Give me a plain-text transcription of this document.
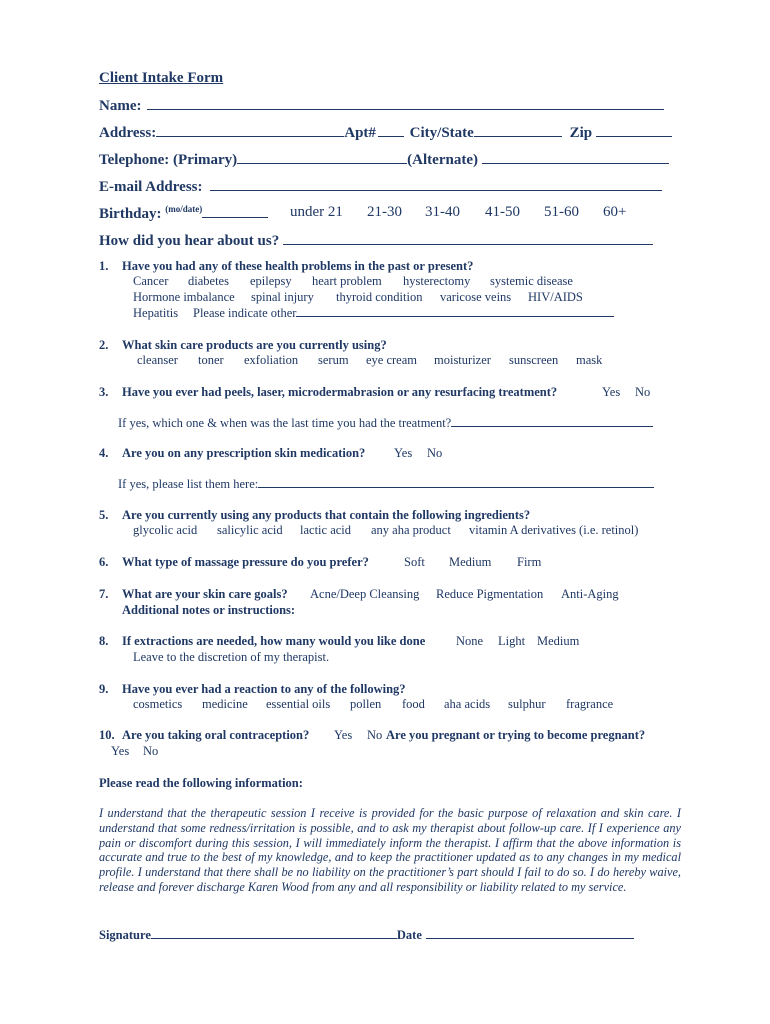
Client Intake Form
Name:
Address:	Apt# City/State	Zip
Telephone: (Primary)	(Alternate)
E-mail Address:
Birthday: $^{(mo/date)}$	under 21 21-30 31-40 41-50 51-60 60+
How did you hear about us?
1. Have you had any of these health problems in the past or present?
Cancer diabetes epilepsy heart problem hysterectomy systemic disease
Hormone imbalance spinal injury thyroid condition varicose veins HIV/AIDS
Hepatitis Please indicate other
2. What skin care products are you currently using?
cleanser toner exfoliation serum eye cream moisturizer sunscreen mask
3. Have you ever had peels, laser, microdermabrasion or any resurfacing treatment?	Yes No
If yes, which one & when was the last time you had the treatment?
4. Are you on any prescription skin medication? Yes No
If yes, please list them here:
5. Are you currently using any products that contain the following ingredients?
glycolic acid salicylic acid lactic acid any aha product vitamin A derivatives (i.e. retinol)
6. What type of massage pressure do you prefer?	Soft Medium Firm
7. What are your skin care goals? Acne/Deep Cleansing Reduce Pigmentation Anti-Aging
Additional notes or instructions:
8. If extractions are needed, how many would you like done None Light Medium
Leave to the discretion of my therapist.
9. Have you ever had a reaction to any of the following?
cosmetics medicine essential oils pollen food aha acids sulphur fragrance
10. Are you taking oral contraception? Yes No Are you pregnant or trying to become pregnant?
Yes No
Please read the following information:
I understand that the therapeutic session I receive is provided for the basic purpose of relaxation and skin care. I understand that some redness/irritation is possible, and to ask my therapist about follow-up care. If I experience any pain or discomfort during this session, I will immediately inform the therapist. I affirm that the above information is accurate and true to the best of my knowledge, and to keep the practitioner updated as to any changes in my medical profile. I understand that there shall be no liability on the practitioner’s part should I fail to do so. I do hereby waive, release and forever discharge Karen Wood from any and all responsibility or liability related to my service.
Signature	Date
